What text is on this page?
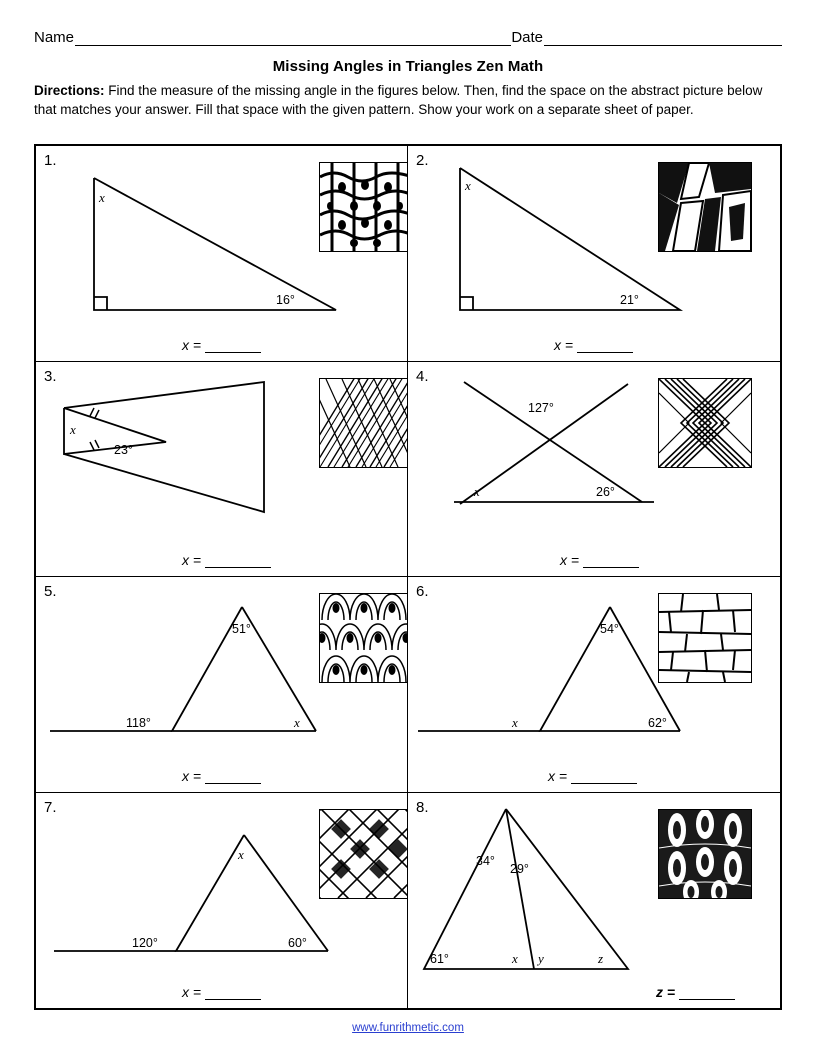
Name	Date
Missing Angles in Triangles Zen Math
Directions: Find the measure of the missing angle in the figures below. Then, find the space on the abstract picture below that matches your answer. Fill that space with the given pattern. Show your work on a separate sheet of paper.
1.
x
16°
x =
2.
x
21°
x =
3.
x
23°
x =
4.
127°
x	26°
x =
5.
51°
118°	x
x =
6.
54°
x	62°
x =
7.
x
120°	60°
x =
8.
34°
29°
61°	x y	z
z =
www.funrithmetic.com
